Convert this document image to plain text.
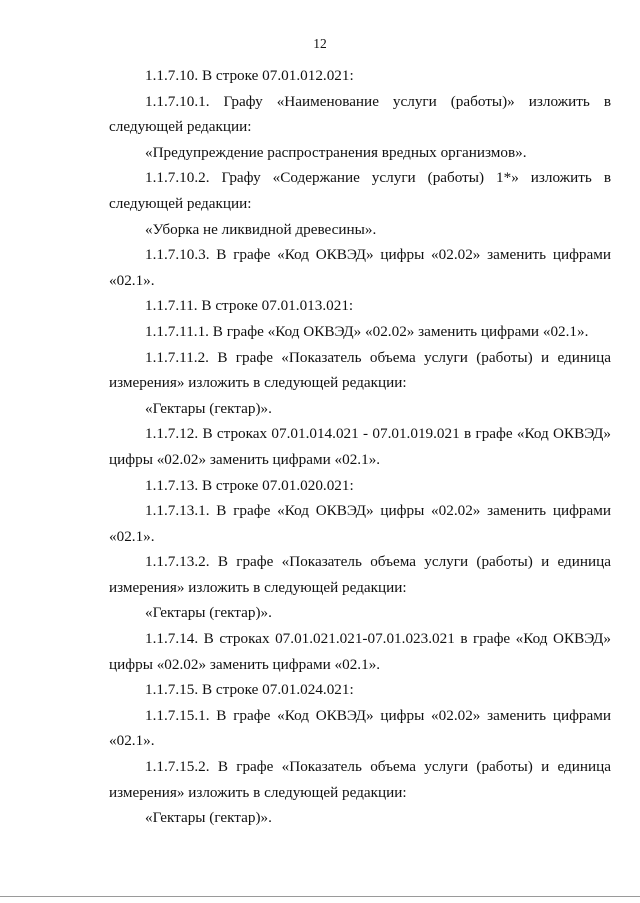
12

1.1.7.10. В строке 07.01.012.021:

1.1.7.10.1. Графу «Наименование услуги (работы)» изложить в следующей редакции:

«Предупреждение распространения вредных организмов».

1.1.7.10.2. Графу «Содержание услуги (работы) 1*» изложить в следующей редакции:

«Уборка не ликвидной древесины».

1.1.7.10.3. В графе «Код ОКВЭД» цифры «02.02» заменить цифрами «02.1».

1.1.7.11. В строке 07.01.013.021:

1.1.7.11.1. В графе «Код ОКВЭД» «02.02» заменить цифрами «02.1».

1.1.7.11.2. В графе «Показатель объема услуги (работы) и единица измерения» изложить в следующей редакции:

«Гектары (гектар)».

1.1.7.12. В строках 07.01.014.021 - 07.01.019.021 в графе «Код ОКВЭД» цифры «02.02» заменить цифрами «02.1».

1.1.7.13. В строке 07.01.020.021:

1.1.7.13.1. В графе «Код ОКВЭД» цифры «02.02» заменить цифрами «02.1».

1.1.7.13.2. В графе «Показатель объема услуги (работы) и единица измерения» изложить в следующей редакции:

«Гектары (гектар)».

1.1.7.14. В строках 07.01.021.021-07.01.023.021 в графе «Код ОКВЭД» цифры «02.02» заменить цифрами «02.1».

1.1.7.15. В строке 07.01.024.021:

1.1.7.15.1. В графе «Код ОКВЭД» цифры «02.02» заменить цифрами «02.1».

1.1.7.15.2. В графе «Показатель объема услуги (работы) и единица измерения» изложить в следующей редакции:

«Гектары (гектар)».
